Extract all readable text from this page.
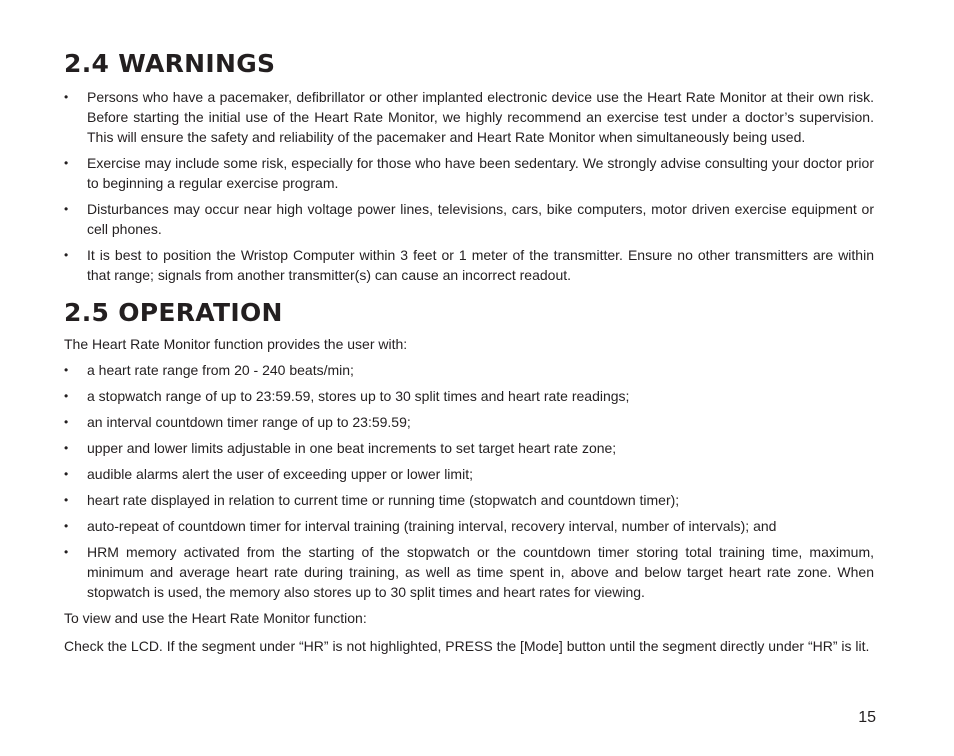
2.4 WARNINGS
• Persons who have a pacemaker, defibrillator or other implanted electronic device use the Heart Rate Monitor at their own risk. Before starting the initial use of the Heart Rate Monitor, we highly recommend an exercise test under a doctor’s supervision. This will ensure the safety and reliability of the pacemaker and Heart Rate Monitor when simultaneously being used.
• Exercise may include some risk, especially for those who have been sedentary. We strongly advise consulting your doctor prior to beginning a regular exercise program.
• Disturbances may occur near high voltage power lines, televisions, cars, bike computers, motor driven exercise equipment or cell phones.
• It is best to position the Wristop Computer within 3 feet or 1 meter of the transmitter. Ensure no other transmitters are within that range; signals from another transmitter(s) can cause an incorrect readout.
2.5 OPERATION

The Heart Rate Monitor function provides the user with:

• a heart rate range from 20 - 240 beats/min;
• a stopwatch range of up to 23:59.59, stores up to 30 split times and heart rate readings;
• an interval countdown timer range of up to 23:59.59;
• upper and lower limits adjustable in one beat increments to set target heart rate zone;
• audible alarms alert the user of exceeding upper or lower limit;
• heart rate displayed in relation to current time or running time (stopwatch and countdown timer);
• auto-repeat of countdown timer for interval training (training interval, recovery interval, number of intervals); and
• HRM memory activated from the starting of the stopwatch or the countdown timer storing total training time, maximum, minimum and average heart rate during training, as well as time spent in, above and below target heart rate zone. When stopwatch is used, the memory also stores up to 30 split times and heart rates for viewing.

To view and use the Heart Rate Monitor function:

Check the LCD. If the segment under “HR” is not highlighted, PRESS the [Mode] button until the segment directly under “HR” is lit.

15
